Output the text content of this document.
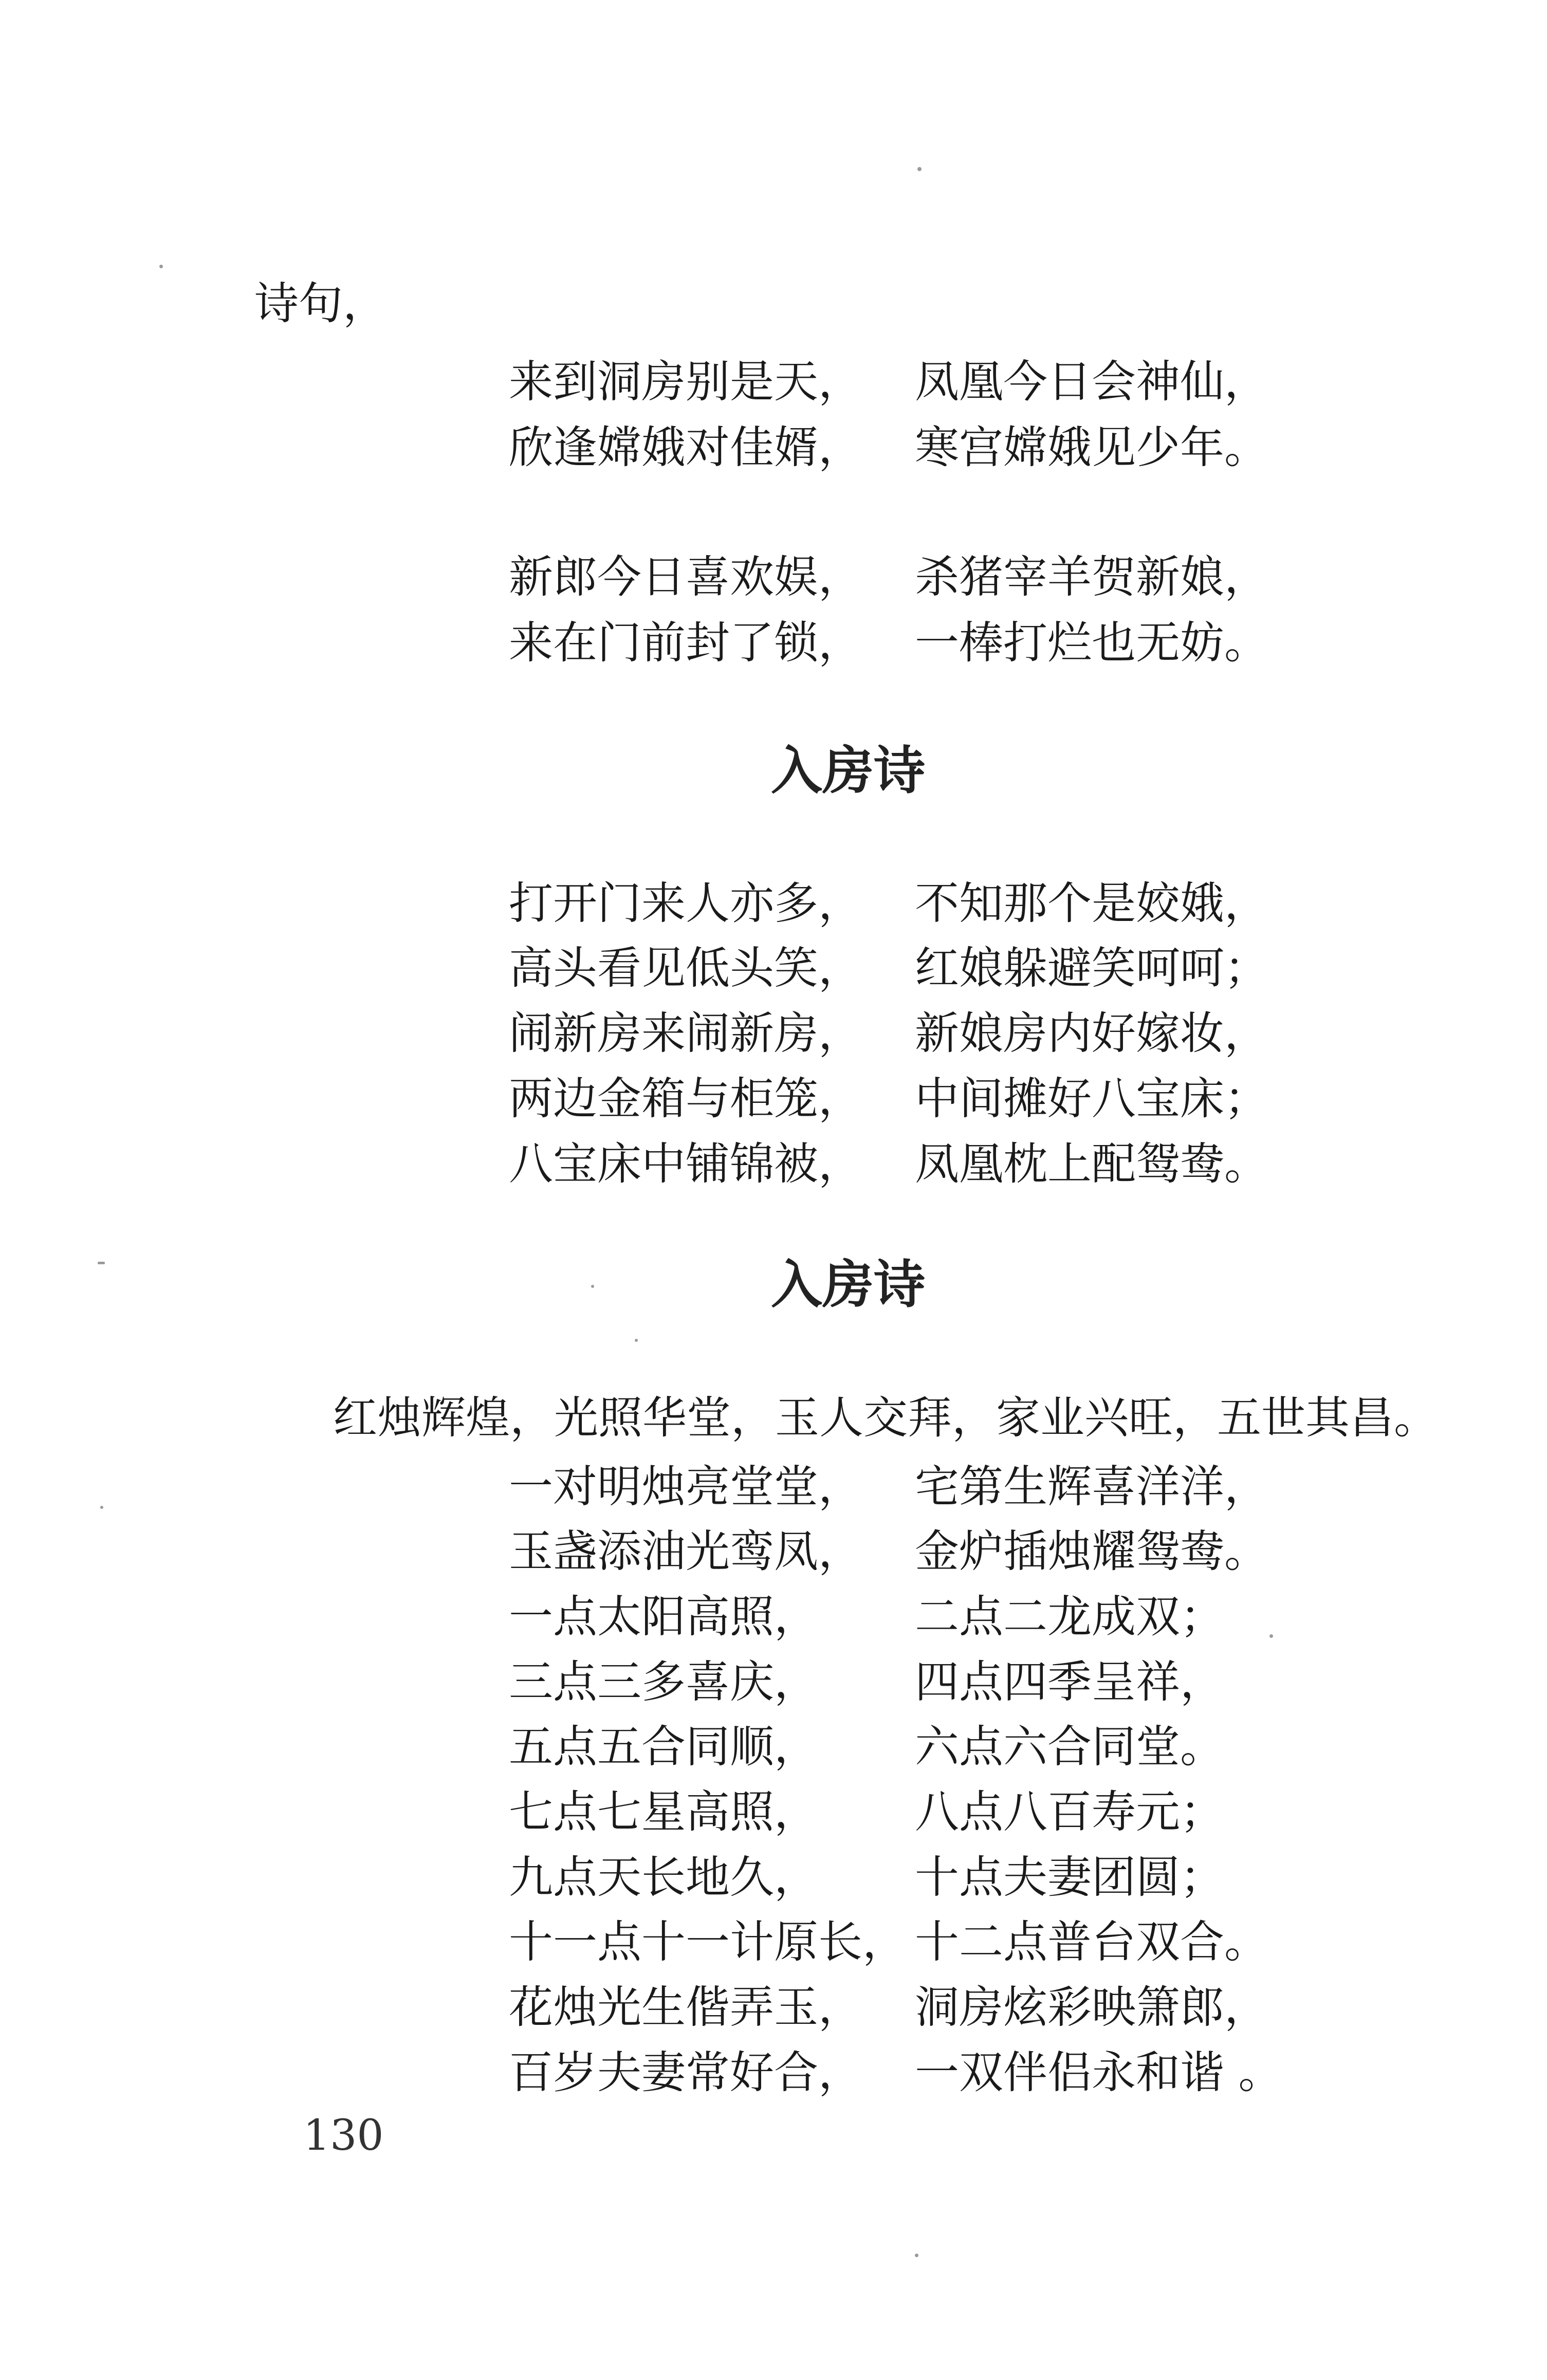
诗句，
来到洞房别是天， 凤凰今日会神仙，
欣逢嫦娥对佳婿， 寒宫嫦娥见少年。
新郎今日喜欢娱， 杀猪宰羊贺新娘，
来在门前封了锁， 一棒打烂也无妨。
入房诗
打开门来人亦多， 不知那个是姣娥，
高头看见低头笑， 红娘躲避笑呵呵；
闹新房来闹新房， 新娘房内好嫁妆，
两边金箱与柜笼， 中间摊好八宝床；
八宝床中铺锦被， 凤凰枕上配鸳鸯。
入房诗
红烛辉煌，光照华堂，玉人交拜，家业兴旺，五世其昌。
一对明烛亮堂堂， 宅第生辉喜洋洋，
玉盏添油光鸾凤， 金炉插烛耀鸳鸯。
一点太阳高照， 二点二龙成双；
三点三多喜庆， 四点四季呈祥，
五点五合同顺， 六点六合同堂。
七点七星高照， 八点八百寿元；
九点天长地久， 十点夫妻团圆；
十一点十一计原长， 十二点普台双合。
花烛光生偕弄玉， 洞房炫彩映箫郎，
百岁夫妻常好合， 一双伴侣永和谐 。
130
